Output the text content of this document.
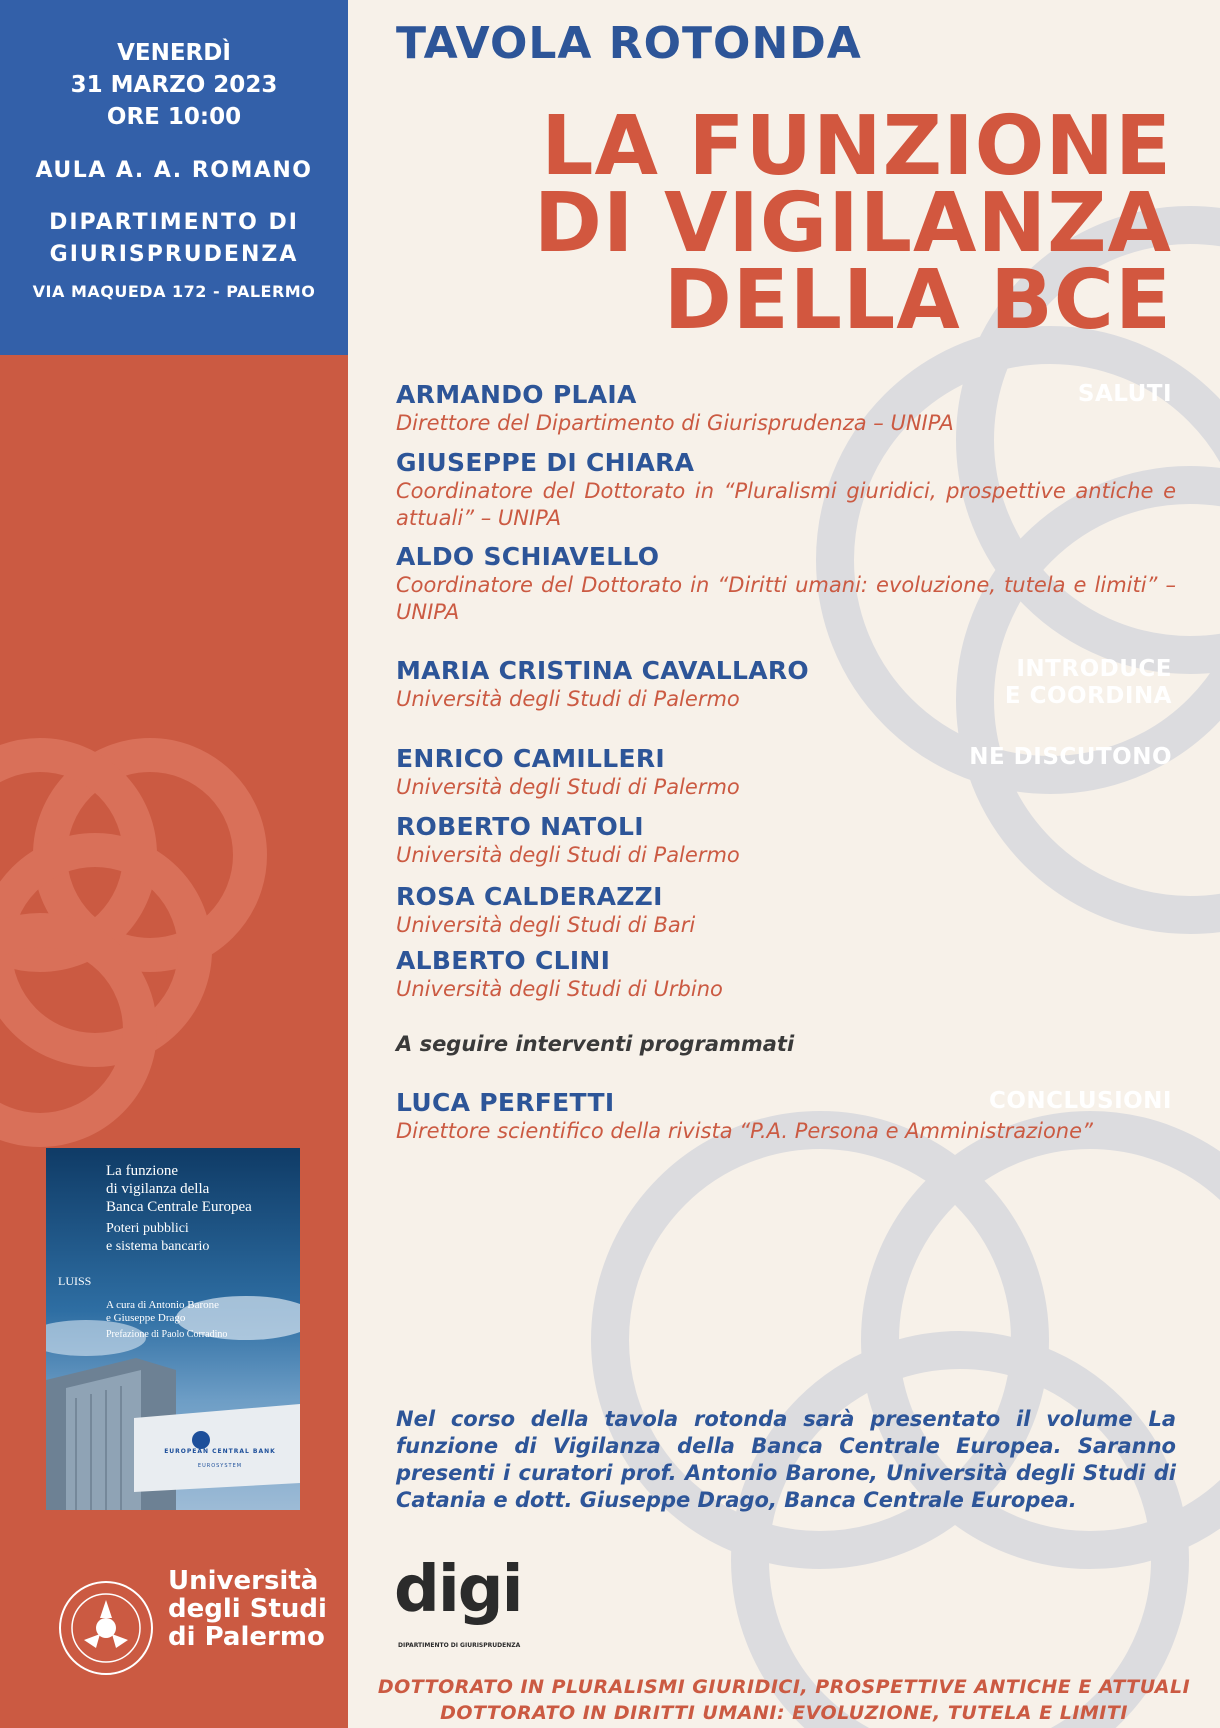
VENERDÌ
31 MARZO 2023
ORE 10:00
AULA A. A. ROMANO
DIPARTIMENTO DI
GIURISPRUDENZA
VIA MAQUEDA 172 - PALERMO
SALUTI
INTRODUCE
E COORDINA
NE DISCUTONO
CONCLUSIONI
La funzione
di vigilanza della
Banca Centrale Europea
Poteri pubblici
e sistema bancario
LUISS
A cura di Antonio Barone
e Giuseppe Drago
Prefazione di Paolo Corradino
EUROPEAN CENTRAL BANK
EUROSYSTEM
Università
degli Studi
di Palermo
TAVOLA ROTONDA
LA FUNZIONE
DI VIGILANZA
DELLA BCE
ARMANDO PLAIA
Direttore del Dipartimento di Giurisprudenza – UNIPA
GIUSEPPE DI CHIARA
Coordinatore del Dottorato in “Pluralismi giuridici, prospettive antiche e attuali” – UNIPA
ALDO SCHIAVELLO
Coordinatore del Dottorato in “Diritti umani: evoluzione, tutela e limiti” – UNIPA
MARIA CRISTINA CAVALLARO
Università degli Studi di Palermo
ENRICO CAMILLERI
Università degli Studi di Palermo
ROBERTO NATOLI
Università degli Studi di Palermo
ROSA CALDERAZZI
Università degli Studi di Bari
ALBERTO CLINI
Università degli Studi di Urbino
A seguire interventi programmati
LUCA PERFETTI
Direttore scientifico della rivista “P.A. Persona e Amministrazione”
Nel corso della tavola rotonda sarà presentato il volume La funzione di Vigilanza della Banca Centrale Europea. Saranno presenti i curatori prof. Antonio Barone, Università degli Studi di Catania e dott. Giuseppe Drago, Banca Centrale Europea.
digi
DIPARTIMENTO DI GIURISPRUDENZA
DOTTORATO IN PLURALISMI GIURIDICI, PROSPETTIVE ANTICHE E ATTUALI
DOTTORATO IN DIRITTI UMANI: EVOLUZIONE, TUTELA E LIMITI
